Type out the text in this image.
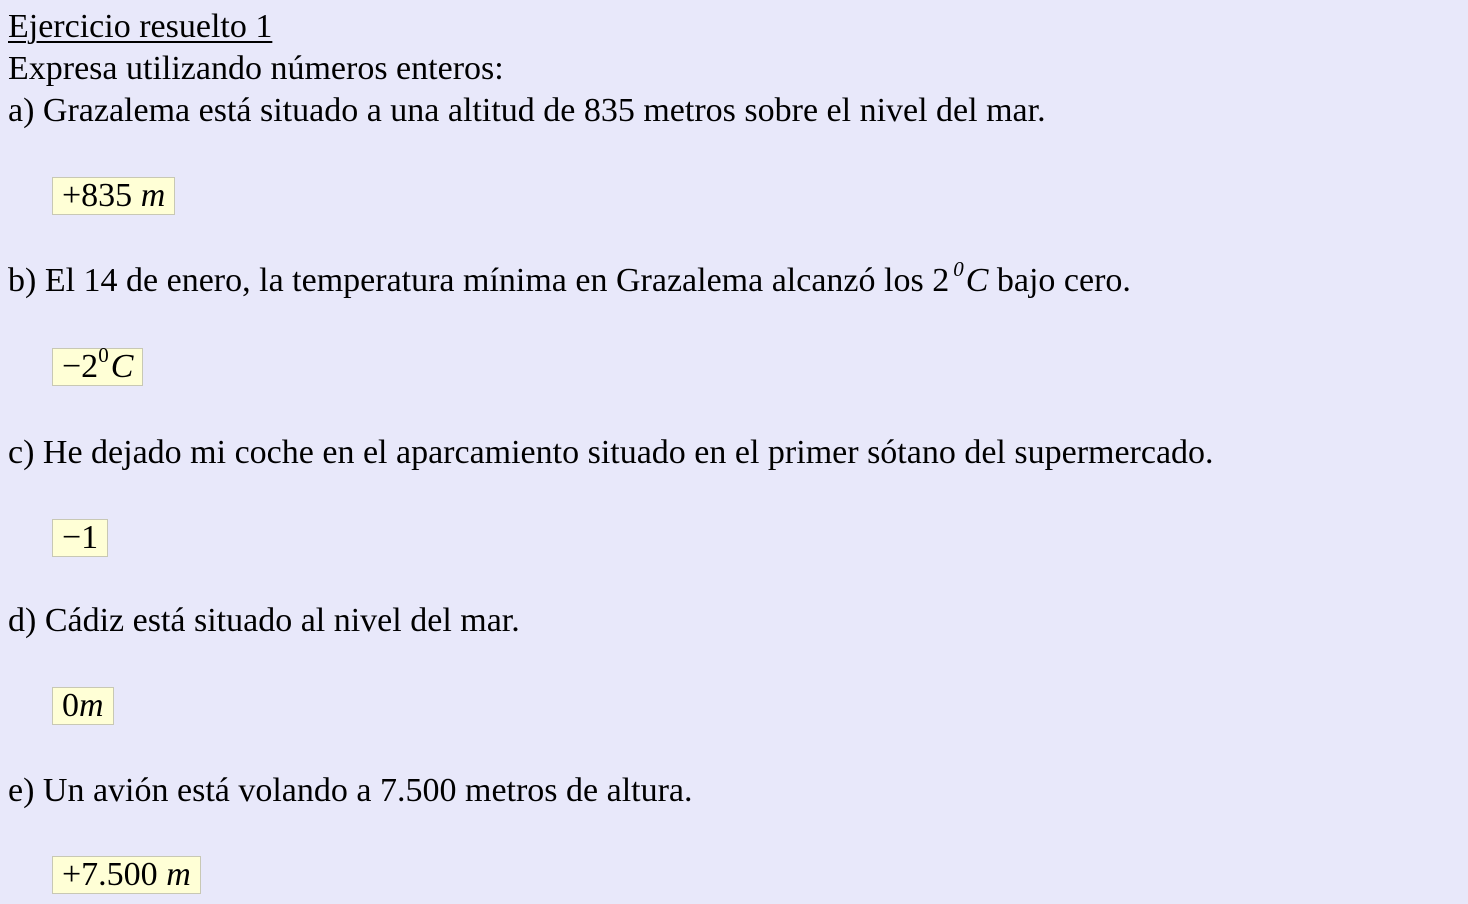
Ejercicio resuelto 1
Expresa utilizando números enteros:
a) Grazalema está situado a una altitud de 835 metros sobre el nivel del mar.
+835 m
b) El 14 de enero, la temperatura mínima en Grazalema alcanzó los 2 $^0$C bajo cero.
$-2^0C$
c) He dejado mi coche en el aparcamiento situado en el primer sótano del supermercado.
−1
d) Cádiz está situado al nivel del mar.
0m
e) Un avión está volando a 7.500 metros de altura.
+7.500 m
